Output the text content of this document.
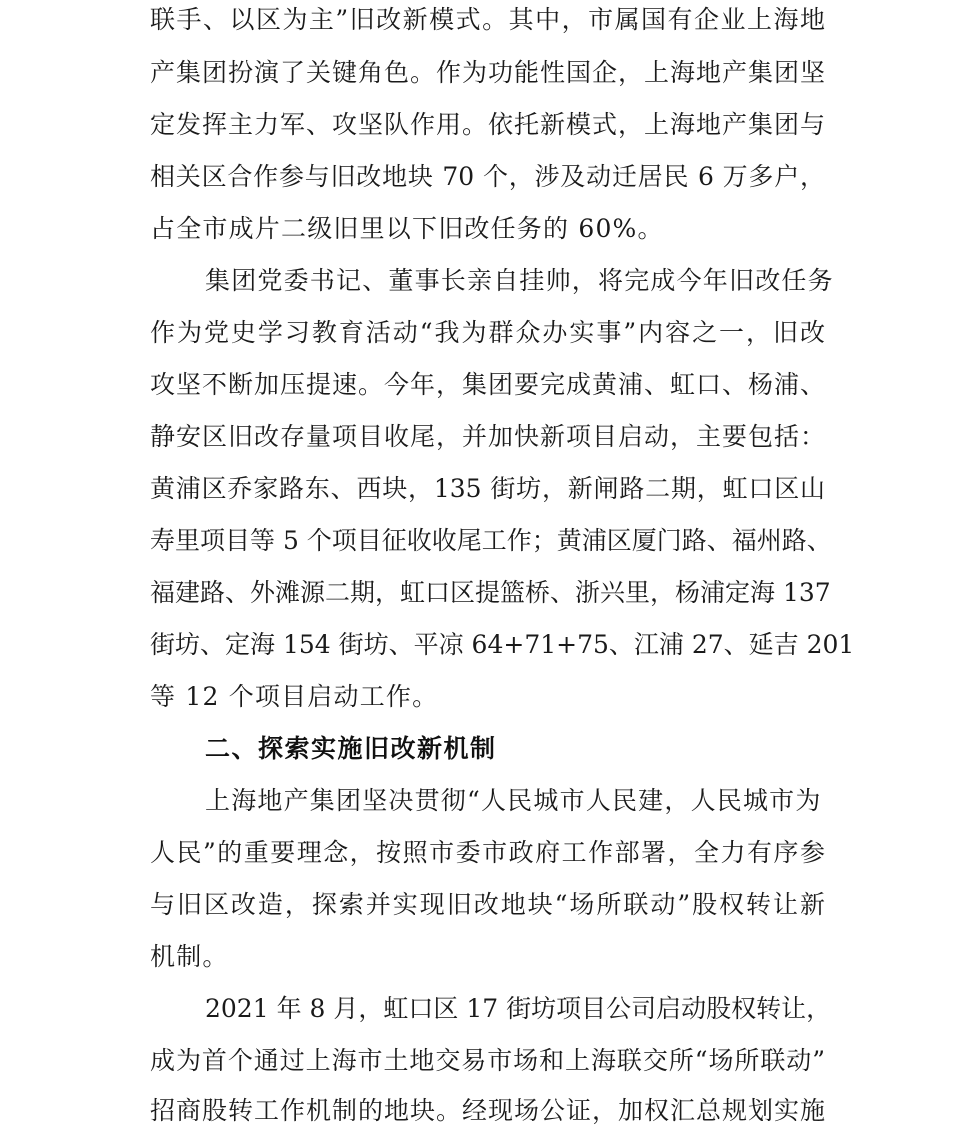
联手、以区为主”旧改新模式。其中，市属国有企业上海地
产集团扮演了关键角色。作为功能性国企，上海地产集团坚
定发挥主力军、攻坚队作用。依托新模式，上海地产集团与
相关区合作参与旧改地块 70 个，涉及动迁居民 6 万多户，
占全市成片二级旧里以下旧改任务的 60%。
集团党委书记、董事长亲自挂帅，将完成今年旧改任务
作为党史学习教育活动“我为群众办实事”内容之一，旧改
攻坚不断加压提速。今年，集团要完成黄浦、虹口、杨浦、
静安区旧改存量项目收尾，并加快新项目启动，主要包括：
黄浦区乔家路东、西块，135 街坊，新闸路二期，虹口区山
寿里项目等 5 个项目征收收尾工作；黄浦区厦门路、福州路、
福建路、外滩源二期，虹口区提篮桥、浙兴里，杨浦定海 137
街坊、定海 154 街坊、平凉 64+71+75、江浦 27、延吉 201
等 12 个项目启动工作。
二、探索实施旧改新机制
上海地产集团坚决贯彻“人民城市人民建，人民城市为
人民”的重要理念，按照市委市政府工作部署，全力有序参
与旧区改造，探索并实现旧改地块“场所联动”股权转让新
机制。
2021 年 8 月，虹口区 17 街坊项目公司启动股权转让，
成为首个通过上海市土地交易市场和上海联交所“场所联动”
招商股转工作机制的地块。经现场公证，加权汇总规划实施
